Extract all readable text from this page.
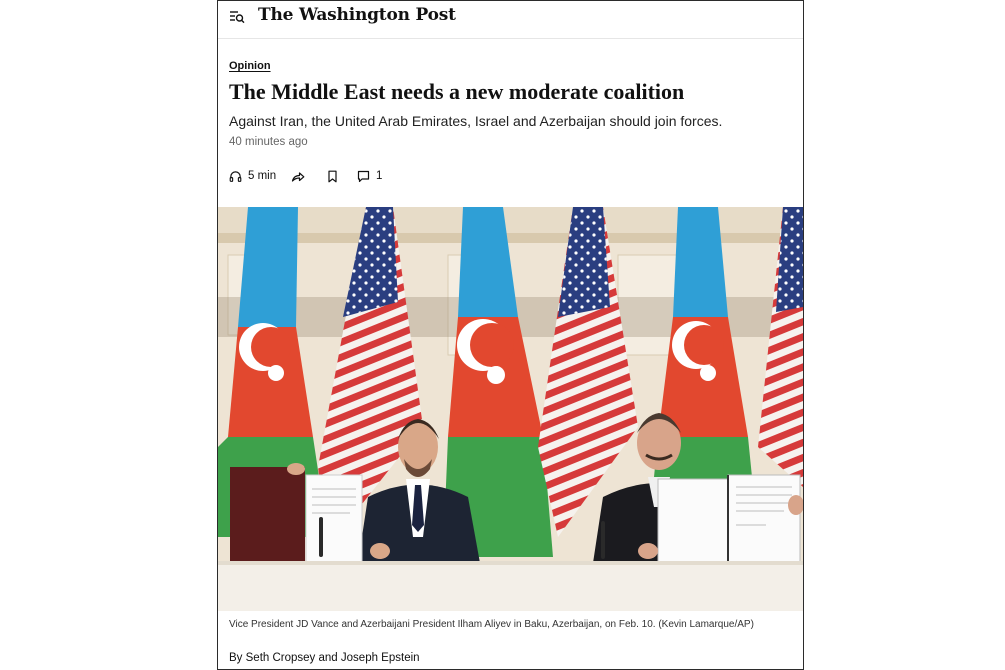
The Washington Post
Opinion
The Middle East needs a new moderate coalition
Against Iran, the United Arab Emirates, Israel and Azerbaijan should join forces.
40 minutes ago
5 min	1
Vice President JD Vance and Azerbaijani President Ilham Aliyev in Baku, Azerbaijan, on Feb. 10. (Kevin Lamarque/AP)
By Seth Cropsey and Joseph Epstein
